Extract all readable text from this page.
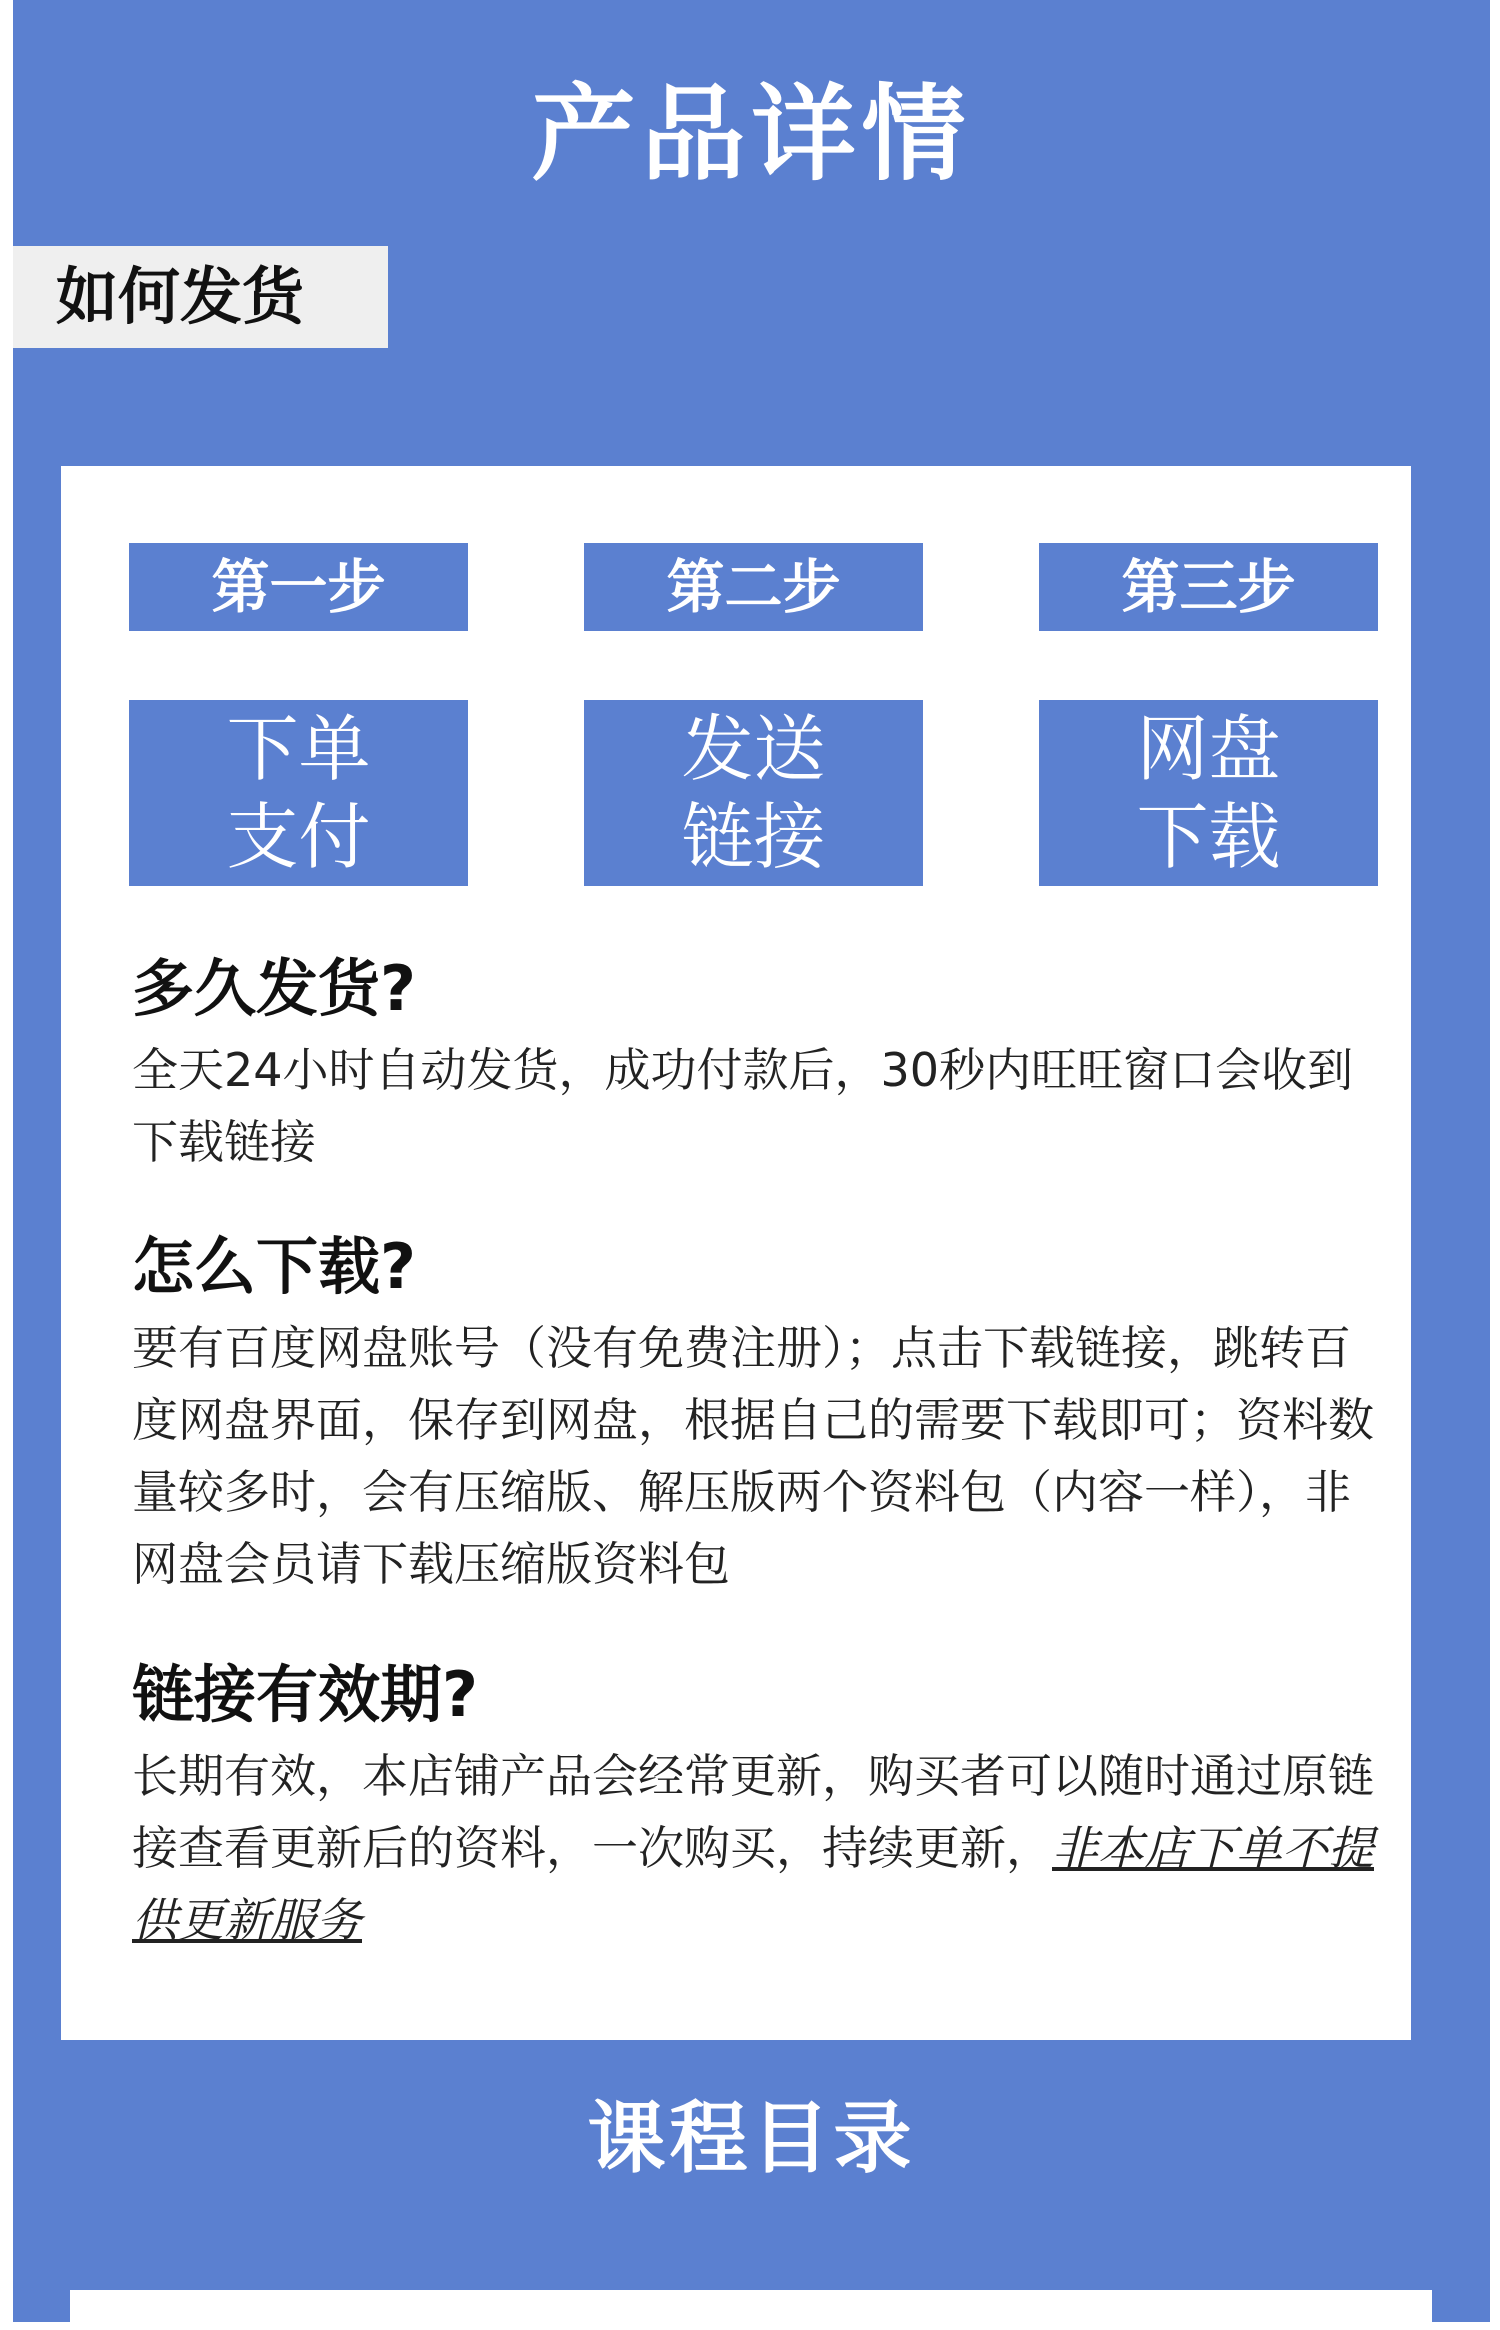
产品详情
如何发货
第一步	第二步	第三步
下单
支付
发送
链接
网盘
下载
多久发货?
全天24小时自动发货，成功付款后，30秒内旺旺窗口会收到下载链接
怎么下载?
要有百度网盘账号（没有免费注册）；点击下载链接，跳转百度网盘界面，保存到网盘，根据自己的需要下载即可；资料数量较多时，会有压缩版、解压版两个资料包（内容一样），非网盘会员请下载压缩版资料包
链接有效期?
长期有效，本店铺产品会经常更新，购买者可以随时通过原链接查看更新后的资料，一次购买，持续更新，非本店下单不提供更新服务
课程目录
